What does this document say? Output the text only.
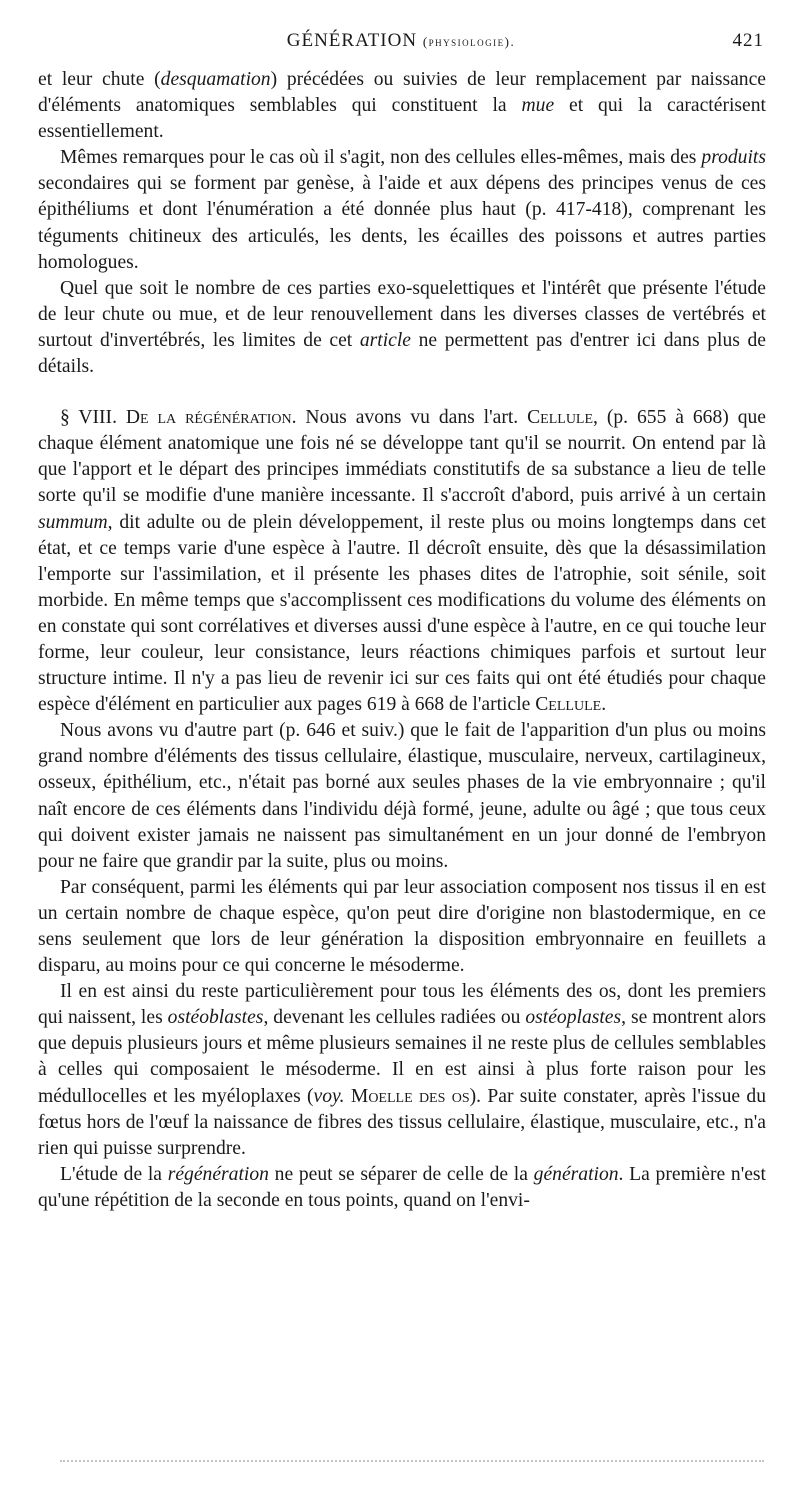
GÉNÉRATION (physiologie).	421

et leur chute (desquamation) précédées ou suivies de leur remplacement par naissance d'éléments anatomiques semblables qui constituent la mue et qui la caractérisent essentiellement.

Mêmes remarques pour le cas où il s'agit, non des cellules elles-mêmes, mais des produits secondaires qui se forment par genèse, à l'aide et aux dépens des principes venus de ces épithéliums et dont l'énumération a été donnée plus haut (p. 417-418), comprenant les téguments chitineux des articulés, les dents, les écailles des poissons et autres parties homologues.

Quel que soit le nombre de ces parties exo-squelettiques et l'intérêt que présente l'étude de leur chute ou mue, et de leur renouvellement dans les diverses classes de vertébrés et surtout d'invertébrés, les limites de cet article ne permettent pas d'entrer ici dans plus de détails.

§ VIII. De la régénération. Nous avons vu dans l'art. Cellule, (p. 655 à 668) que chaque élément anatomique une fois né se développe tant qu'il se nourrit. On entend par là que l'apport et le départ des principes immédiats constitutifs de sa substance a lieu de telle sorte qu'il se modifie d'une manière incessante. Il s'accroît d'abord, puis arrivé à un certain summum, dit adulte ou de plein développement, il reste plus ou moins longtemps dans cet état, et ce temps varie d'une espèce à l'autre. Il décroît ensuite, dès que la désassimilation l'emporte sur l'assimilation, et il présente les phases dites de l'atrophie, soit sénile, soit morbide. En même temps que s'accomplissent ces modifications du volume des éléments on en constate qui sont corrélatives et diverses aussi d'une espèce à l'autre, en ce qui touche leur forme, leur couleur, leur consistance, leurs réactions chimiques parfois et surtout leur structure intime. Il n'y a pas lieu de revenir ici sur ces faits qui ont été étudiés pour chaque espèce d'élément en particulier aux pages 619 à 668 de l'article Cellule.

Nous avons vu d'autre part (p. 646 et suiv.) que le fait de l'apparition d'un plus ou moins grand nombre d'éléments des tissus cellulaire, élastique, musculaire, nerveux, cartilagineux, osseux, épithélium, etc., n'était pas borné aux seules phases de la vie embryonnaire ; qu'il naît encore de ces éléments dans l'individu déjà formé, jeune, adulte ou âgé ; que tous ceux qui doivent exister jamais ne naissent pas simultanément en un jour donné de l'embryon pour ne faire que grandir par la suite, plus ou moins.

Par conséquent, parmi les éléments qui par leur association composent nos tissus il en est un certain nombre de chaque espèce, qu'on peut dire d'origine non blastodermique, en ce sens seulement que lors de leur génération la disposition embryonnaire en feuillets a disparu, au moins pour ce qui concerne le mésoderme.

Il en est ainsi du reste particulièrement pour tous les éléments des os, dont les premiers qui naissent, les ostéoblastes, devenant les cellules radiées ou ostéoplastes, se montrent alors que depuis plusieurs jours et même plusieurs semaines il ne reste plus de cellules semblables à celles qui composaient le mésoderme. Il en est ainsi à plus forte raison pour les médullocelles et les myéloplaxes (voy. Moelle des os). Par suite constater, après l'issue du fœtus hors de l'œuf la naissance de fibres des tissus cellulaire, élastique, musculaire, etc., n'a rien qui puisse surprendre.

L'étude de la régénération ne peut se séparer de celle de la génération. La première n'est qu'une répétition de la seconde en tous points, quand on l'envi-
